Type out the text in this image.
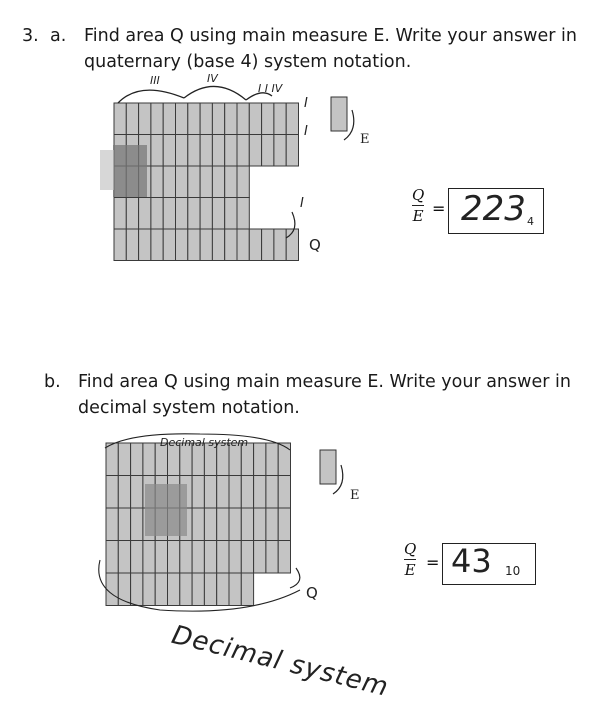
3. a. Find area Q using main measure E. Write your answer in
quaternary (base 4) system notation.
III	IV
I I IV
I
I
I
E
Q
Q
E = 223 4
b. Find area Q using main measure E. Write your answer in
decimal system notation.
Decimal system
E
Q
Q
E = 43 10
Decimal system
